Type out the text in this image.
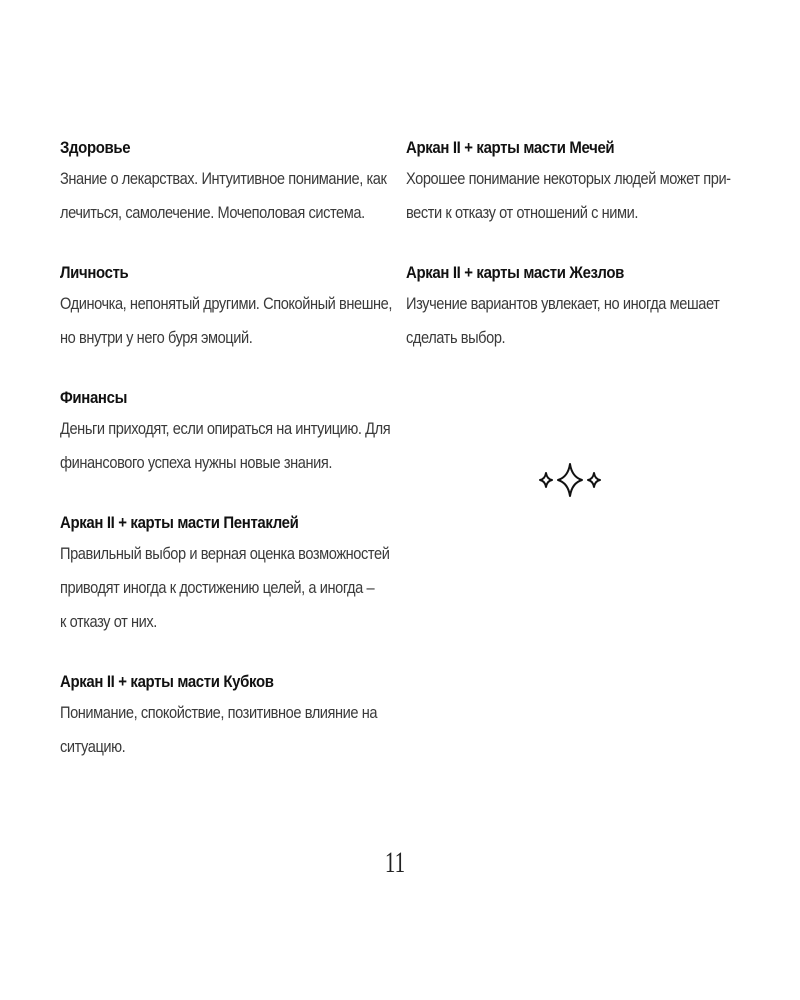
Здоровье
Знание о лекарствах. Интуитивное понимание, как
лечиться, самолечение. Мочеполовая система.
Личность
Одиночка, непонятый другими. Спокойный внешне,
но внутри у него буря эмоций.
Финансы
Деньги приходят, если опираться на интуицию. Для
финансового успеха нужны новые знания.
Аркан II + карты масти Пентаклей
Правильный выбор и верная оценка возможностей
приводят иногда к достижению целей, а иногда –
к отказу от них.
Аркан II + карты масти Кубков
Понимание, спокойствие, позитивное влияние на
ситуацию.
Аркан II + карты масти Мечей
Хорошее понимание некоторых людей может при-
вести к отказу от отношений с ними.
Аркан II + карты масти Жезлов
Изучение вариантов увлекает, но иногда мешает
сделать выбор.
11
